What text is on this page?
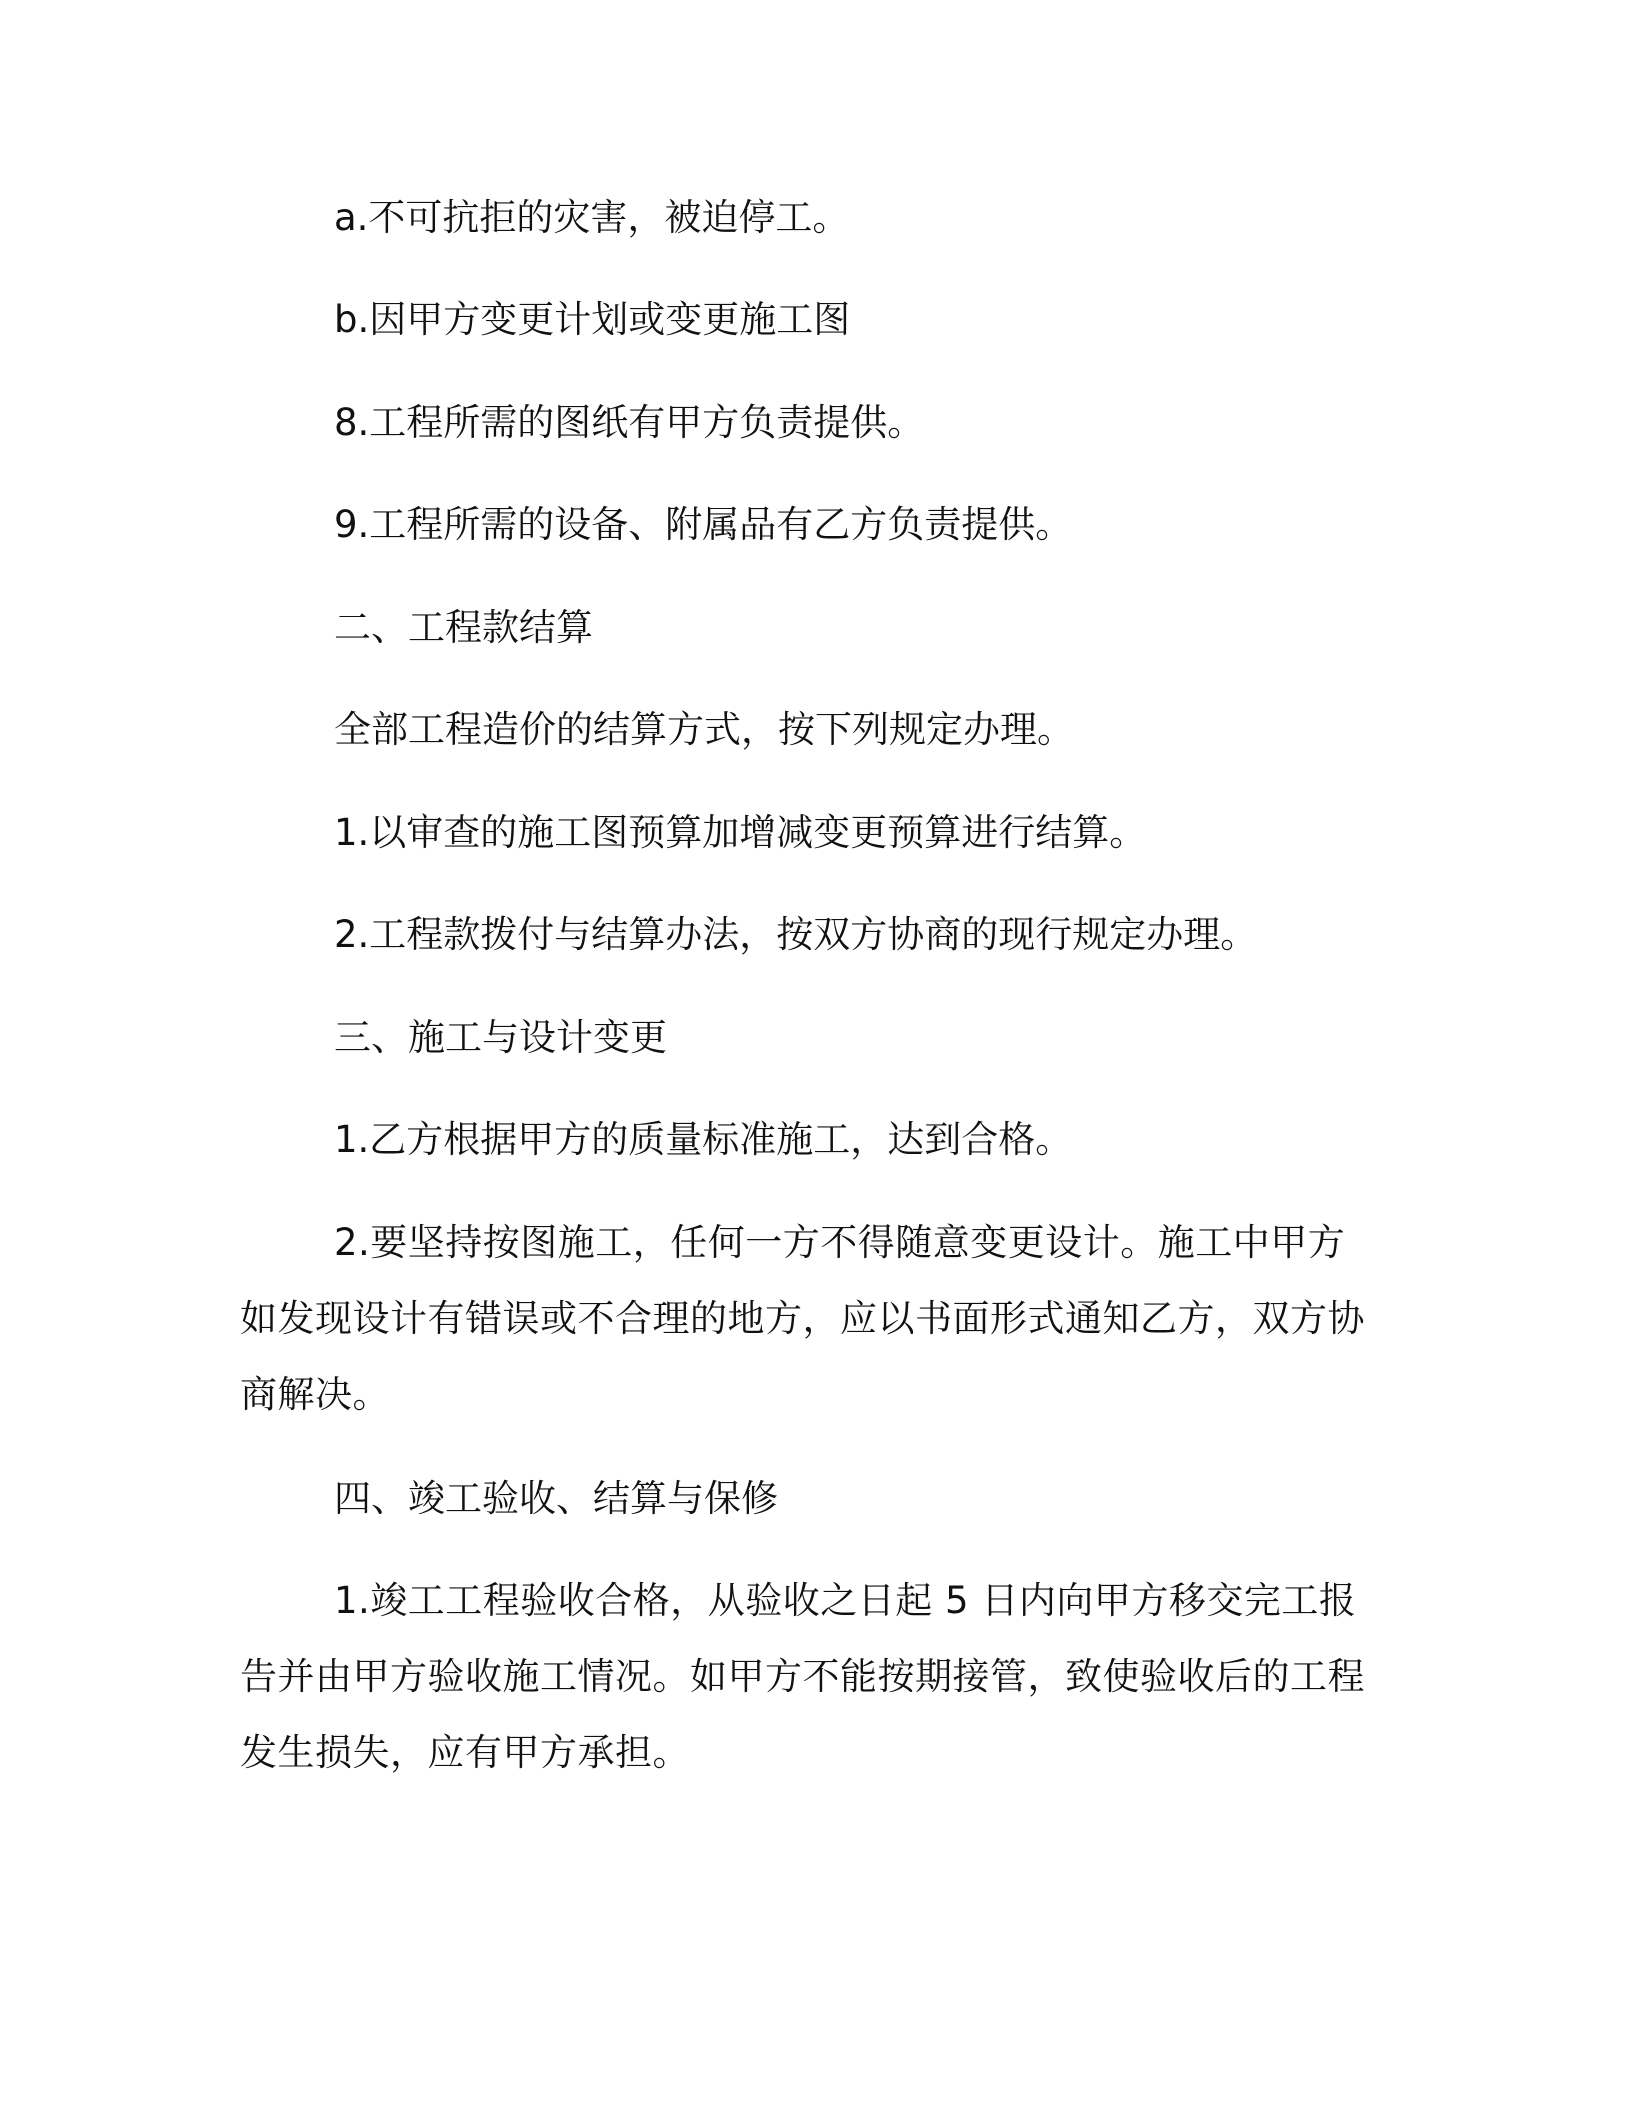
a.不可抗拒的灾害，被迫停工。

b.因甲方变更计划或变更施工图

8.工程所需的图纸有甲方负责提供。

9.工程所需的设备、附属品有乙方负责提供。

二、工程款结算

全部工程造价的结算方式，按下列规定办理。

1.以审查的施工图预算加增减变更预算进行结算。

2.工程款拨付与结算办法，按双方协商的现行规定办理。

三、施工与设计变更

1.乙方根据甲方的质量标准施工，达到合格。

2.要坚持按图施工，任何一方不得随意变更设计。施工中甲方如发现设计有错误或不合理的地方，应以书面形式通知乙方，双方协商解决。

四、竣工验收、结算与保修

1.竣工工程验收合格，从验收之日起 5 日内向甲方移交完工报告并由甲方验收施工情况。如甲方不能按期接管，致使验收后的工程发生损失，应有甲方承担。
